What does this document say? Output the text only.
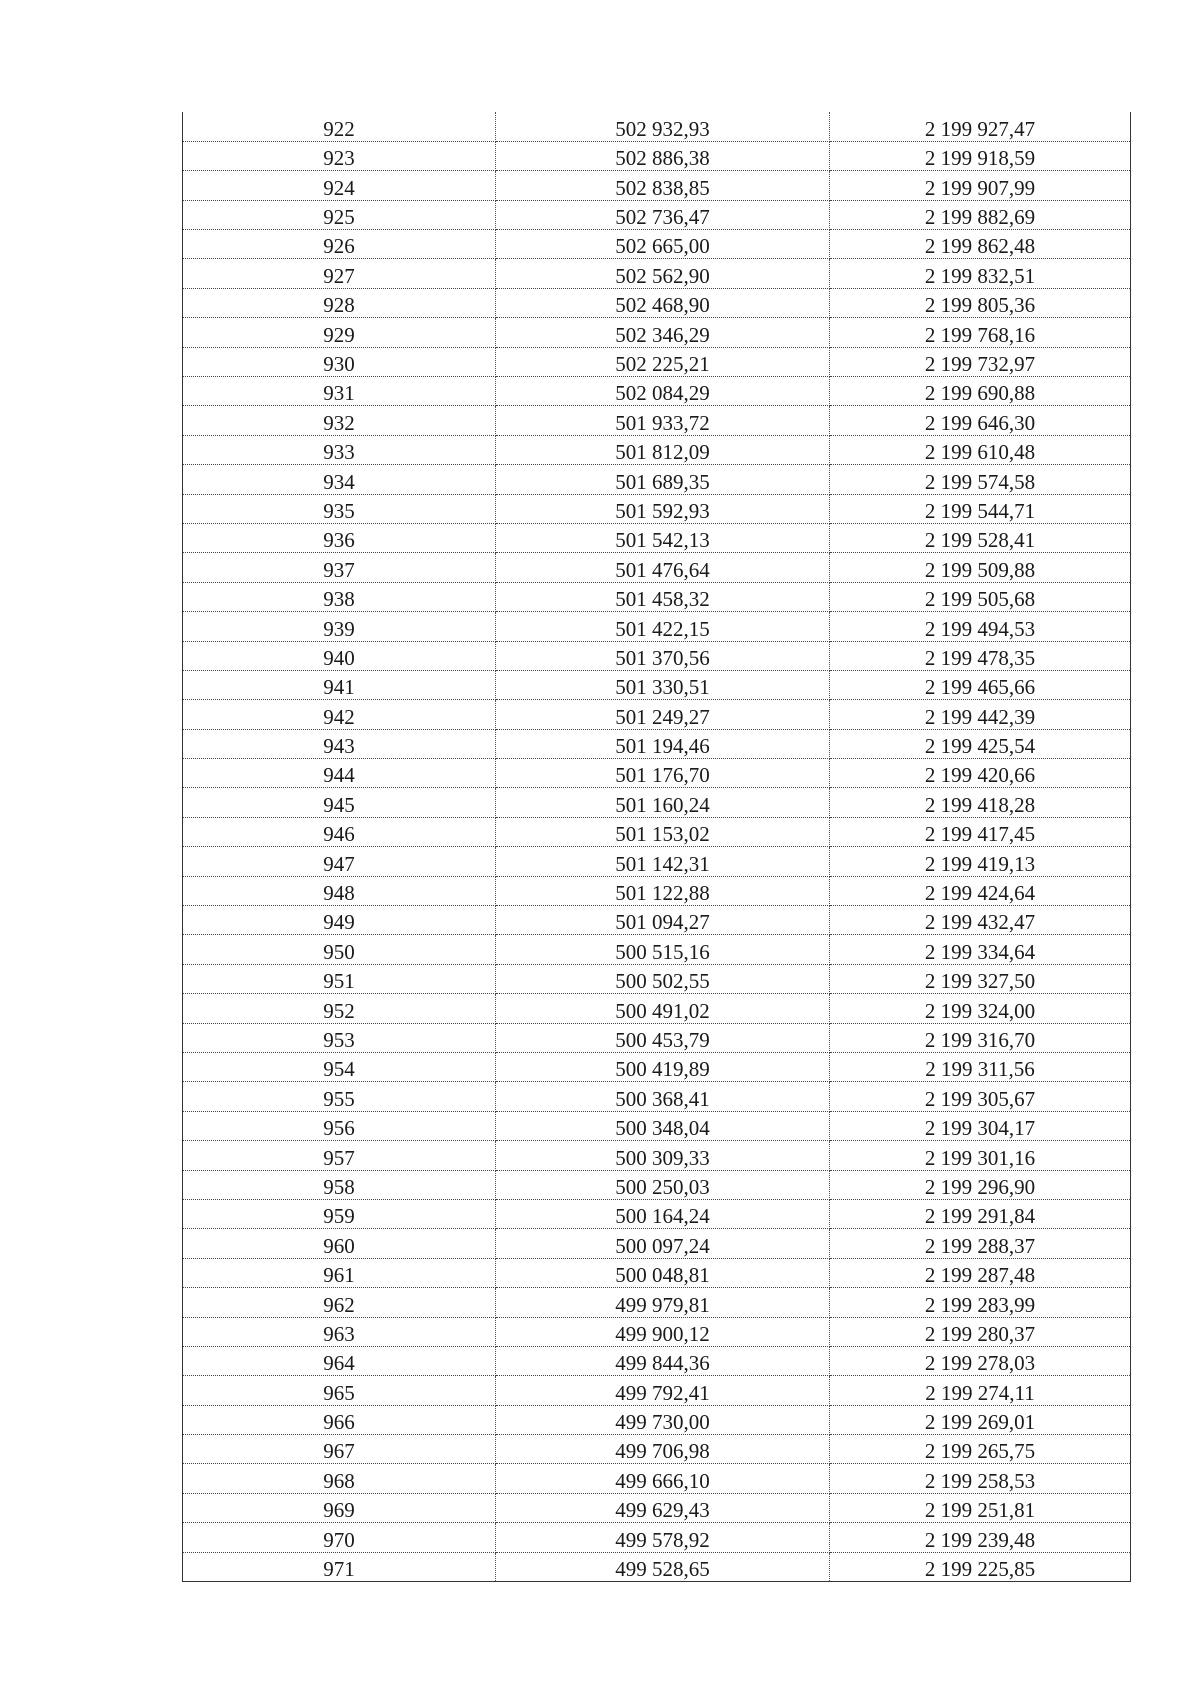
922	502 932,93	2 199 927,47
923	502 886,38	2 199 918,59
924	502 838,85	2 199 907,99
925	502 736,47	2 199 882,69
926	502 665,00	2 199 862,48
927	502 562,90	2 199 832,51
928	502 468,90	2 199 805,36
929	502 346,29	2 199 768,16
930	502 225,21	2 199 732,97
931	502 084,29	2 199 690,88
932	501 933,72	2 199 646,30
933	501 812,09	2 199 610,48
934	501 689,35	2 199 574,58
935	501 592,93	2 199 544,71
936	501 542,13	2 199 528,41
937	501 476,64	2 199 509,88
938	501 458,32	2 199 505,68
939	501 422,15	2 199 494,53
940	501 370,56	2 199 478,35
941	501 330,51	2 199 465,66
942	501 249,27	2 199 442,39
943	501 194,46	2 199 425,54
944	501 176,70	2 199 420,66
945	501 160,24	2 199 418,28
946	501 153,02	2 199 417,45
947	501 142,31	2 199 419,13
948	501 122,88	2 199 424,64
949	501 094,27	2 199 432,47
950	500 515,16	2 199 334,64
951	500 502,55	2 199 327,50
952	500 491,02	2 199 324,00
953	500 453,79	2 199 316,70
954	500 419,89	2 199 311,56
955	500 368,41	2 199 305,67
956	500 348,04	2 199 304,17
957	500 309,33	2 199 301,16
958	500 250,03	2 199 296,90
959	500 164,24	2 199 291,84
960	500 097,24	2 199 288,37
961	500 048,81	2 199 287,48
962	499 979,81	2 199 283,99
963	499 900,12	2 199 280,37
964	499 844,36	2 199 278,03
965	499 792,41	2 199 274,11
966	499 730,00	2 199 269,01
967	499 706,98	2 199 265,75
968	499 666,10	2 199 258,53
969	499 629,43	2 199 251,81
970	499 578,92	2 199 239,48
971	499 528,65	2 199 225,85
